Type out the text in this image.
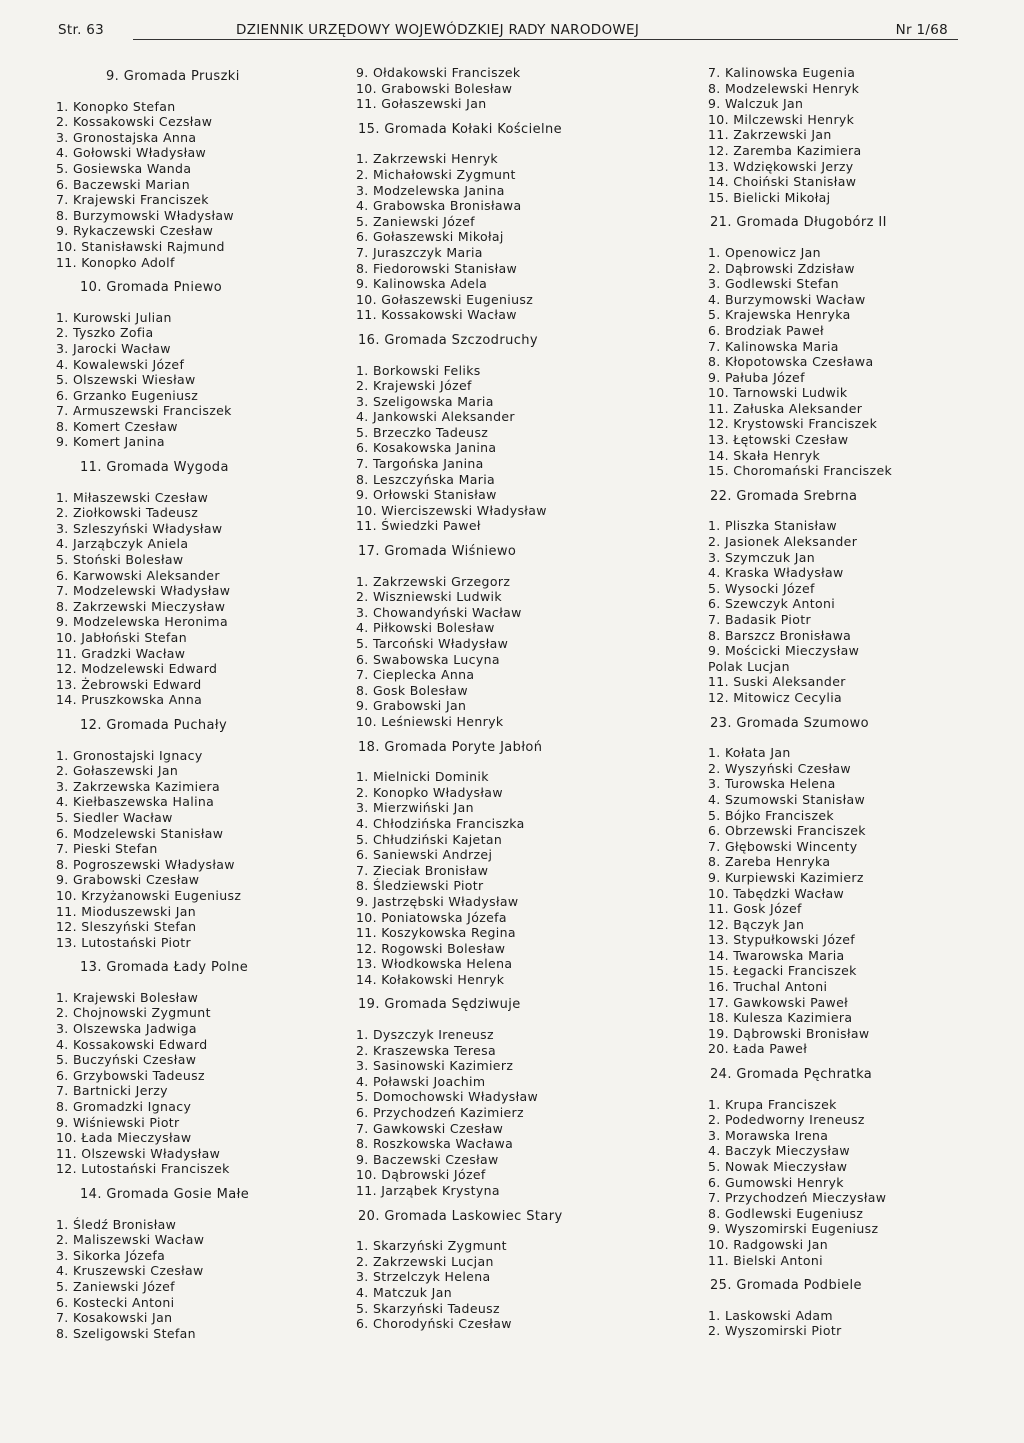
Str. 63	DZIENNIK URZĘDOWY WOJEWÓDZKIEJ RADY NARODOWEJ	Nr 1/68
9. Gromada Pruszki
1. Konopko Stefan
2. Kossakowski Cezsław
3. Gronostajska Anna
4. Gołowski Władysław
5. Gosiewska Wanda
6. Baczewski Marian
7. Krajewski Franciszek
8. Burzymowski Władysław
9. Rykaczewski Czesław
10. Stanisławski Rajmund
11. Konopko Adolf
10. Gromada Pniewo
1. Kurowski Julian
2. Tyszko Zofia
3. Jarocki Wacław
4. Kowalewski Józef
5. Olszewski Wiesław
6. Grzanko Eugeniusz
7. Armuszewski Franciszek
8. Komert Czesław
9. Komert Janina
11. Gromada Wygoda
1. Miłaszewski Czesław
2. Ziołkowski Tadeusz
3. Szleszyński Władysław
4. Jarząbczyk Aniela
5. Stoński Bolesław
6. Karwowski Aleksander
7. Modzelewski Władysław
8. Zakrzewski Mieczysław
9. Modzelewska Heronima
10. Jabłoński Stefan
11. Gradzki Wacław
12. Modzelewski Edward
13. Żebrowski Edward
14. Pruszkowska Anna
12. Gromada Puchały
1. Gronostajski Ignacy
2. Gołaszewski Jan
3. Zakrzewska Kazimiera
4. Kiełbaszewska Halina
5. Siedler Wacław
6. Modzelewski Stanisław
7. Pieski Stefan
8. Pogroszewski Władysław
9. Grabowski Czesław
10. Krzyżanowski Eugeniusz
11. Mioduszewski Jan
12. Sleszyński Stefan
13. Lutostański Piotr
13. Gromada Łady Polne
1. Krajewski Bolesław
2. Chojnowski Zygmunt
3. Olszewska Jadwiga
4. Kossakowski Edward
5. Buczyński Czesław
6. Grzybowski Tadeusz
7. Bartnicki Jerzy
8. Gromadzki Ignacy
9. Wiśniewski Piotr
10. Łada Mieczysław
11. Olszewski Władysław
12. Lutostański Franciszek
14. Gromada Gosie Małe
1. Śledź Bronisław
2. Maliszewski Wacław
3. Sikorka Józefa
4. Kruszewski Czesław
5. Zaniewski Józef
6. Kostecki Antoni
7. Kosakowski Jan
8. Szeligowski Stefan
9. Ołdakowski Franciszek
10. Grabowski Bolesław
11. Gołaszewski Jan
15. Gromada Kołaki Kościelne
1. Zakrzewski Henryk
2. Michałowski Zygmunt
3. Modzelewska Janina
4. Grabowska Bronisława
5. Zaniewski Józef
6. Gołaszewski Mikołaj
7. Juraszczyk Maria
8. Fiedorowski Stanisław
9. Kalinowska Adela
10. Gołaszewski Eugeniusz
11. Kossakowski Wacław
16. Gromada Szczodruchy
1. Borkowski Feliks
2. Krajewski Józef
3. Szeligowska Maria
4. Jankowski Aleksander
5. Brzeczko Tadeusz
6. Kosakowska Janina
7. Targońska Janina
8. Leszczyńska Maria
9. Orłowski Stanisław
10. Wierciszewski Władysław
11. Świedzki Paweł
17. Gromada Wiśniewo
1. Zakrzewski Grzegorz
2. Wiszniewski Ludwik
3. Chowandyński Wacław
4. Piłkowski Bolesław
5. Tarcoński Władysław
6. Swabowska Lucyna
7. Cieplecka Anna
8. Gosk Bolesław
9. Grabowski Jan
10. Leśniewski Henryk
18. Gromada Poryte Jabłoń
1. Mielnicki Dominik
2. Konopko Władysław
3. Mierzwiński Jan
4. Chłodzińska Franciszka
5. Chłudziński Kajetan
6. Saniewski Andrzej
7. Zieciak Bronisław
8. Śledziewski Piotr
9. Jastrzębski Władysław
10. Poniatowska Józefa
11. Koszykowska Regina
12. Rogowski Bolesław
13. Włodkowska Helena
14. Kołakowski Henryk
19. Gromada Sędziwuje
1. Dyszczyk Ireneusz
2. Kraszewska Teresa
3. Sasinowski Kazimierz
4. Poławski Joachim
5. Domochowski Władysław
6. Przychodzeń Kazimierz
7. Gawkowski Czesław
8. Roszkowska Wacława
9. Baczewski Czesław
10. Dąbrowski Józef
11. Jarząbek Krystyna
20. Gromada Laskowiec Stary
1. Skarzyński Zygmunt
2. Zakrzewski Lucjan
3. Strzelczyk Helena
4. Matczuk Jan
5. Skarzyński Tadeusz
6. Chorodyński Czesław
7. Kalinowska Eugenia
8. Modzelewski Henryk
9. Walczuk Jan
10. Milczewski Henryk
11. Zakrzewski Jan
12. Zaremba Kazimiera
13. Wdziękowski Jerzy
14. Choiński Stanisław
15. Bielicki Mikołaj
21. Gromada Długobórz II
1. Openowicz Jan
2. Dąbrowski Zdzisław
3. Godlewski Stefan
4. Burzymowski Wacław
5. Krajewska Henryka
6. Brodziak Paweł
7. Kalinowska Maria
8. Kłopotowska Czesława
9. Pałuba Józef
10. Tarnowski Ludwik
11. Załuska Aleksander
12. Krystowski Franciszek
13. Łętowski Czesław
14. Skała Henryk
15. Choromański Franciszek
22. Gromada Srebrna
1. Pliszka Stanisław
2. Jasionek Aleksander
3. Szymczuk Jan
4. Kraska Władysław
5. Wysocki Józef
6. Szewczyk Antoni
7. Badasik Piotr
8. Barszcz Bronisława
9. Mościcki Mieczysław
Polak Lucjan
11. Suski Aleksander
12. Mitowicz Cecylia
23. Gromada Szumowo
1. Kołata Jan
2. Wyszyński Czesław
3. Turowska Helena
4. Szumowski Stanisław
5. Bójko Franciszek
6. Obrzewski Franciszek
7. Głębowski Wincenty
8. Zareba Henryka
9. Kurpiewski Kazimierz
10. Tabędzki Wacław
11. Gosk Józef
12. Bączyk Jan
13. Stypułkowski Józef
14. Twarowska Maria
15. Łegacki Franciszek
16. Truchal Antoni
17. Gawkowski Paweł
18. Kulesza Kazimiera
19. Dąbrowski Bronisław
20. Łada Paweł
24. Gromada Pęchratka
1. Krupa Franciszek
2. Podedworny Ireneusz
3. Morawska Irena
4. Baczyk Mieczysław
5. Nowak Mieczysław
6. Gumowski Henryk
7. Przychodzeń Mieczysław
8. Godlewski Eugeniusz
9. Wyszomirski Eugeniusz
10. Radgowski Jan
11. Bielski Antoni
25. Gromada Podbiele
1. Laskowski Adam
2. Wyszomirski Piotr
